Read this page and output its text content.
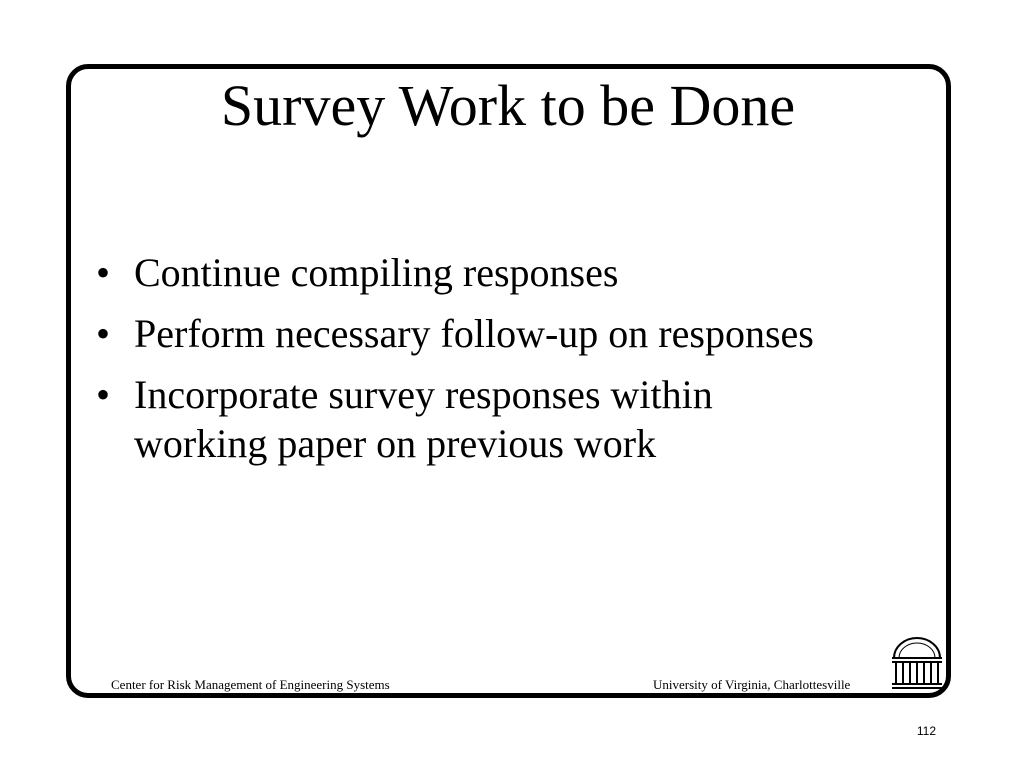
Survey Work to be Done
• Continue compiling responses
• Perform necessary follow-up on responses
• Incorporate survey responses within working paper on previous work
Center for Risk Management of Engineering Systems	University of Virginia, Charlottesville
112
